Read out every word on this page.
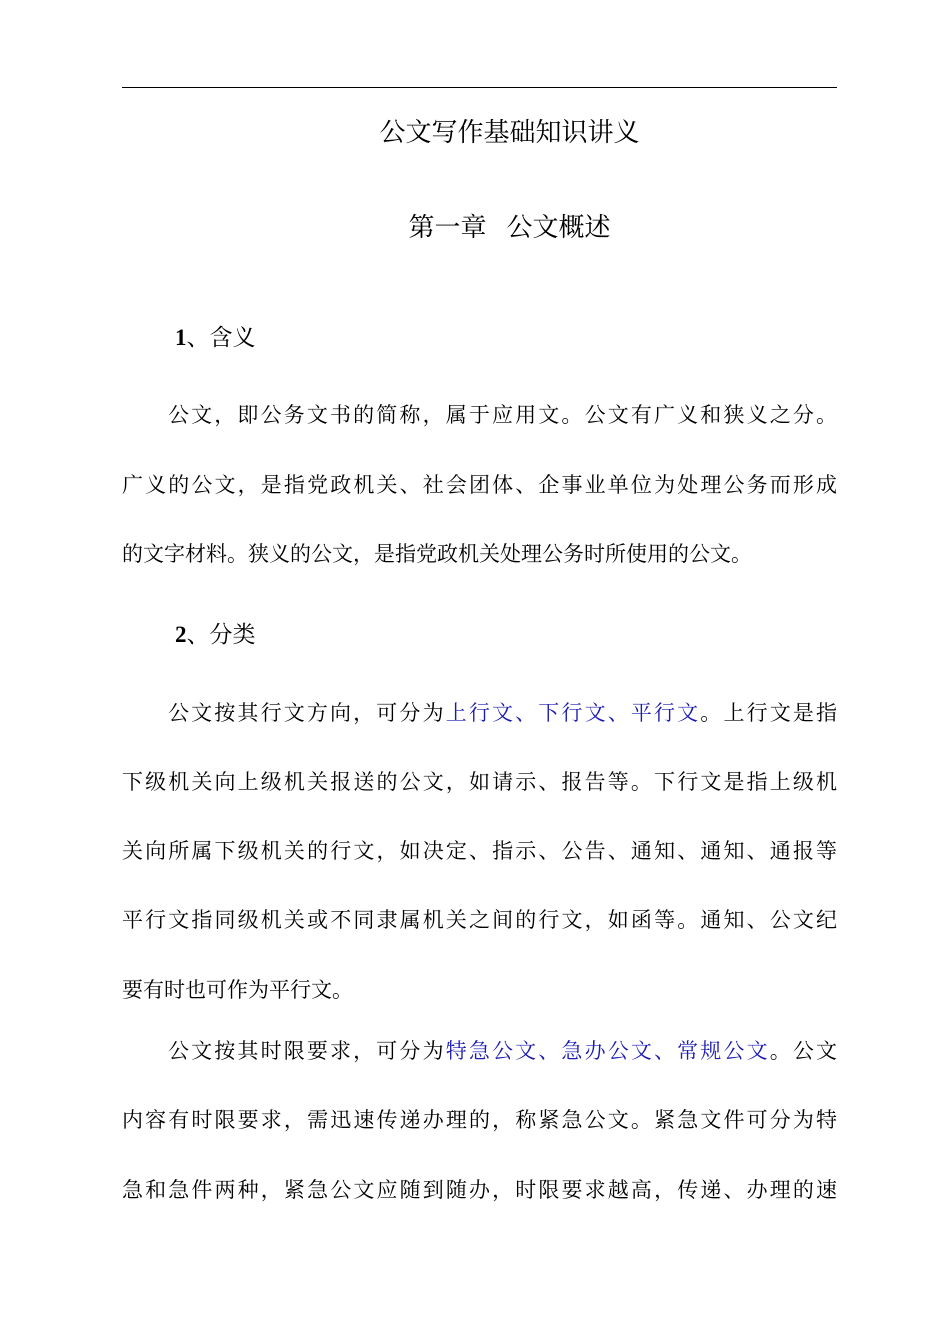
公文写作基础知识讲义
第一章 公文概述
1、含义
公文，即公务文书的简称，属于应用文。公文有广义和狭义之分。
广义的公文，是指党政机关、社会团体、企事业单位为处理公务而形成
的文字材料。狭义的公文，是指党政机关处理公务时所使用的公文。
2、分类
公文按其行文方向，可分为上行文、下行文、平行文。上行文是指
下级机关向上级机关报送的公文，如请示、报告等。下行文是指上级机
关向所属下级机关的行文，如决定、指示、公告、通知、通知、通报等
平行文指同级机关或不同隶属机关之间的行文，如函等。通知、公文纪
要有时也可作为平行文。
公文按其时限要求，可分为特急公文、急办公文、常规公文。公文
内容有时限要求，需迅速传递办理的，称紧急公文。紧急文件可分为特
急和急件两种，紧急公文应随到随办，时限要求越高，传递、办理的速
